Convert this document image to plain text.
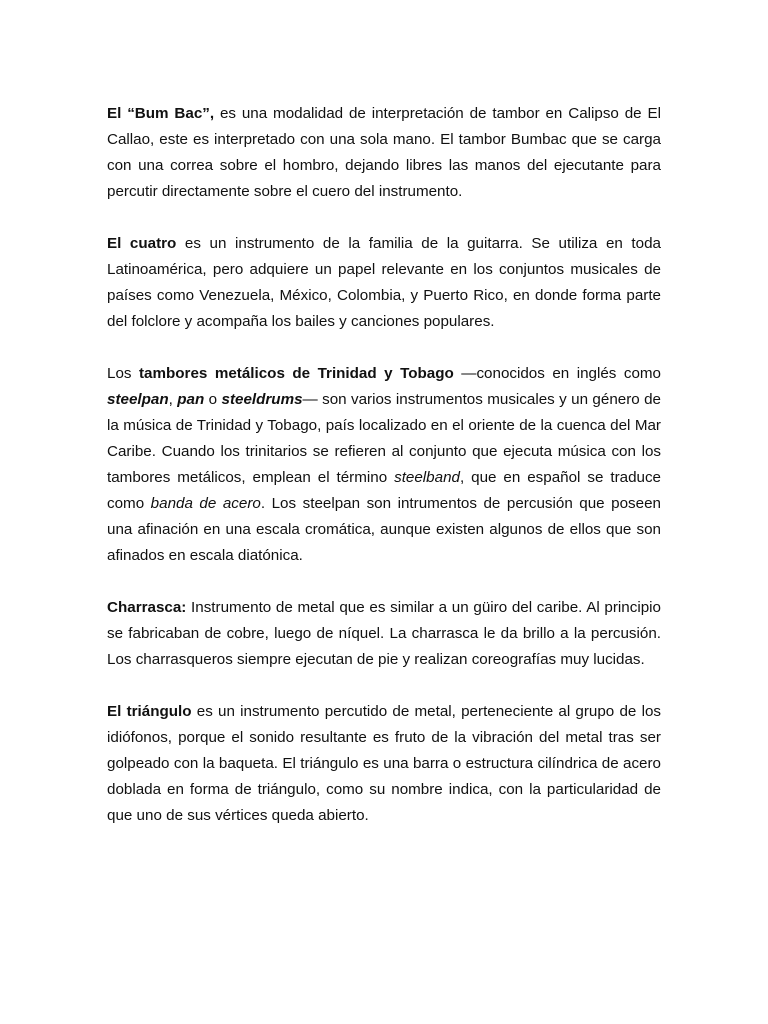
El “Bum Bac”, es una modalidad de interpretación de tambor en Calipso de El Callao, este es interpretado con una sola mano. El tambor Bumbac que se carga con una correa sobre el hombro, dejando libres las manos del ejecutante para percutir directamente sobre el cuero del instrumento.

El cuatro es un instrumento de la familia de la guitarra. Se utiliza en toda Latinoamérica, pero adquiere un papel relevante en los conjuntos musicales de países como Venezuela, México, Colombia, y Puerto Rico, en donde forma parte del folclore y acompaña los bailes y canciones populares.

Los tambores metálicos de Trinidad y Tobago —conocidos en inglés como steelpan, pan o steeldrums— son varios instrumentos musicales y un género de la música de Trinidad y Tobago, país localizado en el oriente de la cuenca del Mar Caribe. Cuando los trinitarios se refieren al conjunto que ejecuta música con los tambores metálicos, emplean el término steelband, que en español se traduce como banda de acero. Los steelpan son intrumentos de percusión que poseen una afinación en una escala cromática, aunque existen algunos de ellos que son afinados en escala diatónica.

Charrasca: Instrumento de metal que es similar a un güiro del caribe. Al principio se fabricaban de cobre, luego de níquel. La charrasca le da brillo a la percusión. Los charrasqueros siempre ejecutan de pie y realizan coreografías muy lucidas.

El triángulo es un instrumento percutido de metal, perteneciente al grupo de los idiófonos, porque el sonido resultante es fruto de la vibración del metal tras ser golpeado con la baqueta. El triángulo es una barra o estructura cilíndrica de acero doblada en forma de triángulo, como su nombre indica, con la particularidad de que uno de sus vértices queda abierto.
